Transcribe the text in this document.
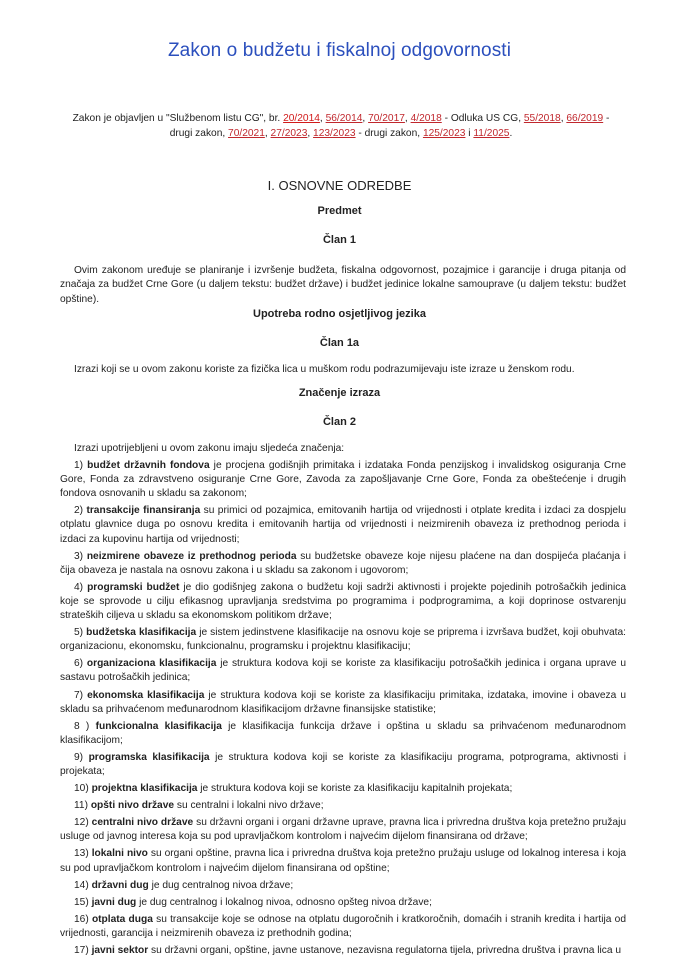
Zakon o budžetu i fiskalnoj odgovornosti
Zakon je objavljen u "Službenom listu CG", br. 20/2014, 56/2014, 70/2017, 4/2018 - Odluka US CG, 55/2018, 66/2019 - drugi zakon, 70/2021, 27/2023, 123/2023 - drugi zakon, 125/2023 i 11/2025.
I. OSNOVNE ODREDBE
Predmet
Član 1

Ovim zakonom uređuje se planiranje i izvršenje budžeta, fiskalna odgovornost, pozajmice i garancije i druga pitanja od značaja za budžet Crne Gore (u daljem tekstu: budžet države) i budžet jedinice lokalne samouprave (u daljem tekstu: budžet opštine).

Upotreba rodno osjetljivog jezika
Član 1a

Izrazi koji se u ovom zakonu koriste za fizička lica u muškom rodu podrazumijevaju iste izraze u ženskom rodu.

Značenje izraza
Član 2

Izrazi upotrijebljeni u ovom zakonu imaju sljedeća značenja:

1) budžet državnih fondova je procjena godišnjih primitaka i izdataka Fonda penzijskog i invalidskog osiguranja Crne Gore, Fonda za zdravstveno osiguranje Crne Gore, Zavoda za zapošljavanje Crne Gore, Fonda za obeštećenje i drugih fondova osnovanih u skladu sa zakonom;

2) transakcije finansiranja su primici od pozajmica, emitovanih hartija od vrijednosti i otplate kredita i izdaci za dospjelu otplatu glavnice duga po osnovu kredita i emitovanih hartija od vrijednosti i neizmirenih obaveza iz prethodnog perioda i izdaci za kupovinu hartija od vrijednosti;

3) neizmirene obaveze iz prethodnog perioda su budžetske obaveze koje nijesu plaćene na dan dospijeća plaćanja i čija obaveza je nastala na osnovu zakona i u skladu sa zakonom i ugovorom;

4) programski budžet je dio godišnjeg zakona o budžetu koji sadrži aktivnosti i projekte pojedinih potrošačkih jedinica koje se sprovode u cilju efikasnog upravljanja sredstvima po programima i podprogramima, a koji doprinose ostvarenju strateških ciljeva u skladu sa ekonomskom politikom države;

5) budžetska klasifikacija je sistem jedinstvene klasifikacije na osnovu koje se priprema i izvršava budžet, koji obuhvata: organizacionu, ekonomsku, funkcionalnu, programsku i projektnu klasifikaciju;

6) organizaciona klasifikacija je struktura kodova koji se koriste za klasifikaciju potrošačkih jedinica i organa uprave u sastavu potrošačkih jedinica;

7) ekonomska klasifikacija je struktura kodova koji se koriste za klasifikaciju primitaka, izdataka, imovine i obaveza u skladu sa prihvaćenom međunarodnom klasifikacijom državne finansijske statistike;

8 ) funkcionalna klasifikacija je klasifikacija funkcija države i opština u skladu sa prihvaćenom međunarodnom klasifikacijom;

9) programska klasifikacija je struktura kodova koji se koriste za klasifikaciju programa, potprograma, aktivnosti i projekata;

10) projektna klasifikacija je struktura kodova koji se koriste za klasifikaciju kapitalnih projekata;

11) opšti nivo države su centralni i lokalni nivo države;

12) centralni nivo države su državni organi i organi državne uprave, pravna lica i privredna društva koja pretežno pružaju usluge od javnog interesa koja su pod upravljačkom kontrolom i najvećim dijelom finansirana od države;

13) lokalni nivo su organi opštine, pravna lica i privredna društva koja pretežno pružaju usluge od lokalnog interesa i koja su pod upravljačkom kontrolom i najvećim dijelom finansirana od opštine;

14) državni dug je dug centralnog nivoa države;

15) javni dug je dug centralnog i lokalnog nivoa, odnosno opšteg nivoa države;

16) otplata duga su transakcije koje se odnose na otplatu dugoročnih i kratkoročnih, domaćih i stranih kredita i hartija od vrijednosti, garancija i neizmirenih obaveza iz prethodnih godina;

17) javni sektor su državni organi, opštine, javne ustanove, nezavisna regulatorna tijela, privredna društva i pravna lica u
